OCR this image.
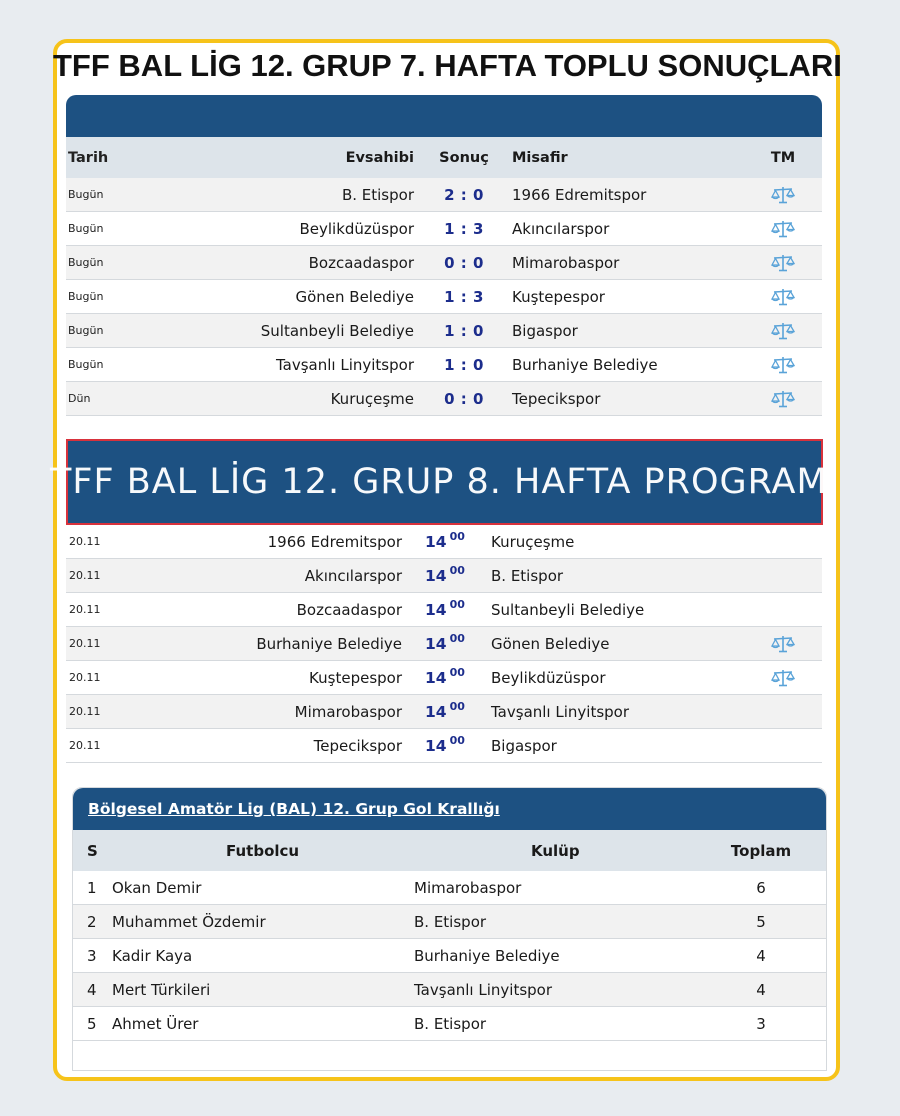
TFF BAL LİG 12. GRUP 7. HAFTA TOPLU SONUÇLARI
Tarih	Evsahibi Sonuç Misafir	TM
Bugün	B. Etispor	2 : 0	1966 Edremitspor
Bugün	Beylikdüzüspor	1 : 3	Akıncılarspor
Bugün	Bozcaadaspor	0 : 0	Mimarobaspor
Bugün	Gönen Belediye	1 : 3	Kuştepespor
Bugün	Sultanbeyli Belediye	1 : 0	Bigaspor
Bugün	Tavşanlı Linyitspor	1 : 0	Burhaniye Belediye
Dün	Kuruçeşme	0 : 0	Tepecikspor
TFF BAL LİG 12. GRUP 8. HAFTA PROGRAMI
20.11	1966 Edremitspor 14 $^{00}$ Kuruçeşme
20.11	Akıncılarspor 14 $^{00}$ B. Etispor
20.11	Bozcaadaspor 14 $^{00}$ Sultanbeyli Belediye
20.11	Burhaniye Belediye 14 $^{00}$ Gönen Belediye
20.11	Kuştepespor 14 $^{00}$ Beylikdüzüspor
20.11	Mimarobaspor 14 $^{00}$ Tavşanlı Linyitspor
20.11	Tepecikspor 14 $^{00}$ Bigaspor
Bölgesel Amatör Lig (BAL) 12. Grup Gol Krallığı
S	Futbolcu	Kulüp	Toplam
1 Okan Demir	Mimarobaspor	6
2 Muhammet Özdemir	B. Etispor	5
3 Kadir Kaya	Burhaniye Belediye	4
4 Mert Türkileri	Tavşanlı Linyitspor	4
5 Ahmet Ürer	B. Etispor	3
